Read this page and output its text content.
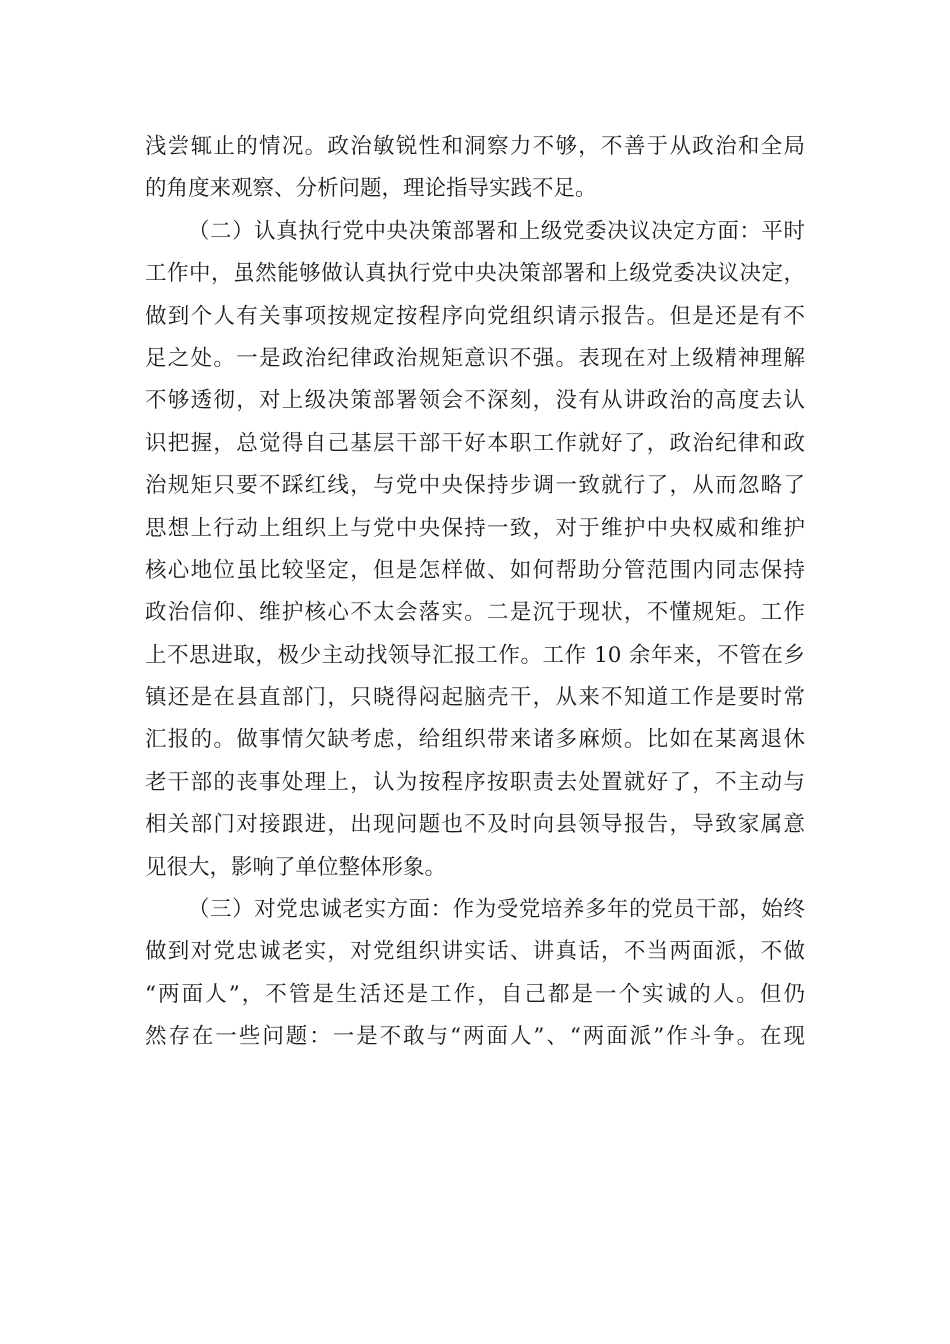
浅尝辄止的情况。政治敏锐性和洞察力不够，不善于从政治和全局
的角度来观察、分析问题，理论指导实践不足。
（二）认真执行党中央决策部署和上级党委决议决定方面：平时
工作中，虽然能够做认真执行党中央决策部署和上级党委决议决定，
做到个人有关事项按规定按程序向党组织请示报告。但是还是有不
足之处。一是政治纪律政治规矩意识不强。表现在对上级精神理解
不够透彻，对上级决策部署领会不深刻，没有从讲政治的高度去认
识把握，总觉得自己基层干部干好本职工作就好了，政治纪律和政
治规矩只要不踩红线，与党中央保持步调一致就行了，从而忽略了
思想上行动上组织上与党中央保持一致，对于维护中央权威和维护
核心地位虽比较坚定，但是怎样做、如何帮助分管范围内同志保持
政治信仰、维护核心不太会落实。二是沉于现状，不懂规矩。工作
上不思进取，极少主动找领导汇报工作。工作 10 余年来，不管在乡
镇还是在县直部门，只晓得闷起脑壳干，从来不知道工作是要时常
汇报的。做事情欠缺考虑，给组织带来诸多麻烦。比如在某离退休
老干部的丧事处理上，认为按程序按职责去处置就好了，不主动与
相关部门对接跟进，出现问题也不及时向县领导报告，导致家属意
见很大，影响了单位整体形象。
（三）对党忠诚老实方面：作为受党培养多年的党员干部，始终
做到对党忠诚老实，对党组织讲实话、讲真话，不当两面派，不做
“两面人”，不管是生活还是工作，自己都是一个实诚的人。但仍
然存在一些问题：一是不敢与“两面人”、“两面派”作斗争。在现
